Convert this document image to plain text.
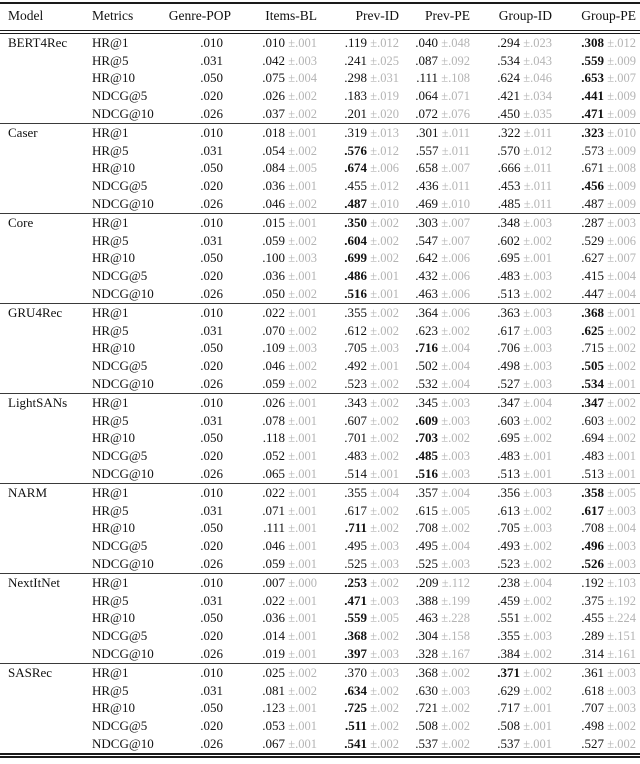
Model	Metrics	Genre-POP	Items-BL	Prev-ID	Prev-PE	Group-ID	Group-PE
BERT4Rec	HR@1	.010	.010 ±.001	.119 ±.012	.040 ±.048	.294 ±.023	.308 ±.012
	HR@5	.031	.042 ±.003	.241 ±.025	.087 ±.092	.534 ±.043	.559 ±.009
	HR@10	.050	.075 ±.004	.298 ±.031	.111 ±.108	.624 ±.046	.653 ±.007
	NDCG@5	.020	.026 ±.002	.183 ±.019	.064 ±.071	.421 ±.034	.441 ±.009
	NDCG@10	.026	.037 ±.002	.201 ±.020	.072 ±.076	.450 ±.035	.471 ±.009
Caser	HR@1	.010	.018 ±.001	.319 ±.013	.301 ±.011	.322 ±.011	.323 ±.010
	HR@5	.031	.054 ±.002	.576 ±.012	.557 ±.011	.570 ±.012	.573 ±.009
	HR@10	.050	.084 ±.005	.674 ±.006	.658 ±.007	.666 ±.011	.671 ±.008
	NDCG@5	.020	.036 ±.001	.455 ±.012	.436 ±.011	.453 ±.011	.456 ±.009
	NDCG@10	.026	.046 ±.002	.487 ±.010	.469 ±.010	.485 ±.011	.487 ±.009
Core	HR@1	.010	.015 ±.001	.350 ±.002	.303 ±.007	.348 ±.003	.287 ±.003
	HR@5	.031	.059 ±.002	.604 ±.002	.547 ±.007	.602 ±.002	.529 ±.006
	HR@10	.050	.100 ±.003	.699 ±.002	.642 ±.006	.695 ±.001	.627 ±.007
	NDCG@5	.020	.036 ±.001	.486 ±.001	.432 ±.006	.483 ±.003	.415 ±.004
	NDCG@10	.026	.050 ±.002	.516 ±.001	.463 ±.006	.513 ±.002	.447 ±.004
GRU4Rec	HR@1	.010	.022 ±.001	.355 ±.002	.364 ±.006	.363 ±.003	.368 ±.001
	HR@5	.031	.070 ±.002	.612 ±.002	.623 ±.002	.617 ±.003	.625 ±.002
	HR@10	.050	.109 ±.003	.705 ±.003	.716 ±.004	.706 ±.003	.715 ±.002
	NDCG@5	.020	.046 ±.002	.492 ±.001	.502 ±.004	.498 ±.003	.505 ±.002
	NDCG@10	.026	.059 ±.002	.523 ±.002	.532 ±.004	.527 ±.003	.534 ±.001
LightSANs	HR@1	.010	.026 ±.001	.343 ±.002	.345 ±.003	.347 ±.004	.347 ±.002
	HR@5	.031	.078 ±.001	.607 ±.002	.609 ±.003	.603 ±.002	.603 ±.002
	HR@10	.050	.118 ±.001	.701 ±.002	.703 ±.002	.695 ±.002	.694 ±.002
	NDCG@5	.020	.052 ±.001	.483 ±.002	.485 ±.003	.483 ±.001	.483 ±.001
	NDCG@10	.026	.065 ±.001	.514 ±.001	.516 ±.003	.513 ±.001	.513 ±.001
NARM	HR@1	.010	.022 ±.001	.355 ±.004	.357 ±.004	.356 ±.003	.358 ±.005
	HR@5	.031	.071 ±.001	.617 ±.002	.615 ±.005	.613 ±.002	.617 ±.003
	HR@10	.050	.111 ±.001	.711 ±.002	.708 ±.002	.705 ±.003	.708 ±.004
	NDCG@5	.020	.046 ±.001	.495 ±.003	.495 ±.004	.493 ±.002	.496 ±.003
	NDCG@10	.026	.059 ±.001	.525 ±.003	.525 ±.003	.523 ±.002	.526 ±.003
NextItNet	HR@1	.010	.007 ±.000	.253 ±.002	.209 ±.112	.238 ±.004	.192 ±.103
	HR@5	.031	.022 ±.001	.471 ±.003	.388 ±.199	.459 ±.002	.375 ±.192
	HR@10	.050	.036 ±.001	.559 ±.005	.463 ±.228	.551 ±.002	.455 ±.224
	NDCG@5	.020	.014 ±.001	.368 ±.002	.304 ±.158	.355 ±.003	.289 ±.151
	NDCG@10	.026	.019 ±.001	.397 ±.003	.328 ±.167	.384 ±.002	.314 ±.161
SASRec	HR@1	.010	.025 ±.002	.370 ±.003	.368 ±.002	.371 ±.002	.361 ±.003
	HR@5	.031	.081 ±.002	.634 ±.002	.630 ±.003	.629 ±.002	.618 ±.003
	HR@10	.050	.123 ±.001	.725 ±.002	.721 ±.002	.717 ±.001	.707 ±.003
	NDCG@5	.020	.053 ±.001	.511 ±.002	.508 ±.002	.508 ±.001	.498 ±.002
	NDCG@10	.026	.067 ±.001	.541 ±.002	.537 ±.002	.537 ±.001	.527 ±.002
